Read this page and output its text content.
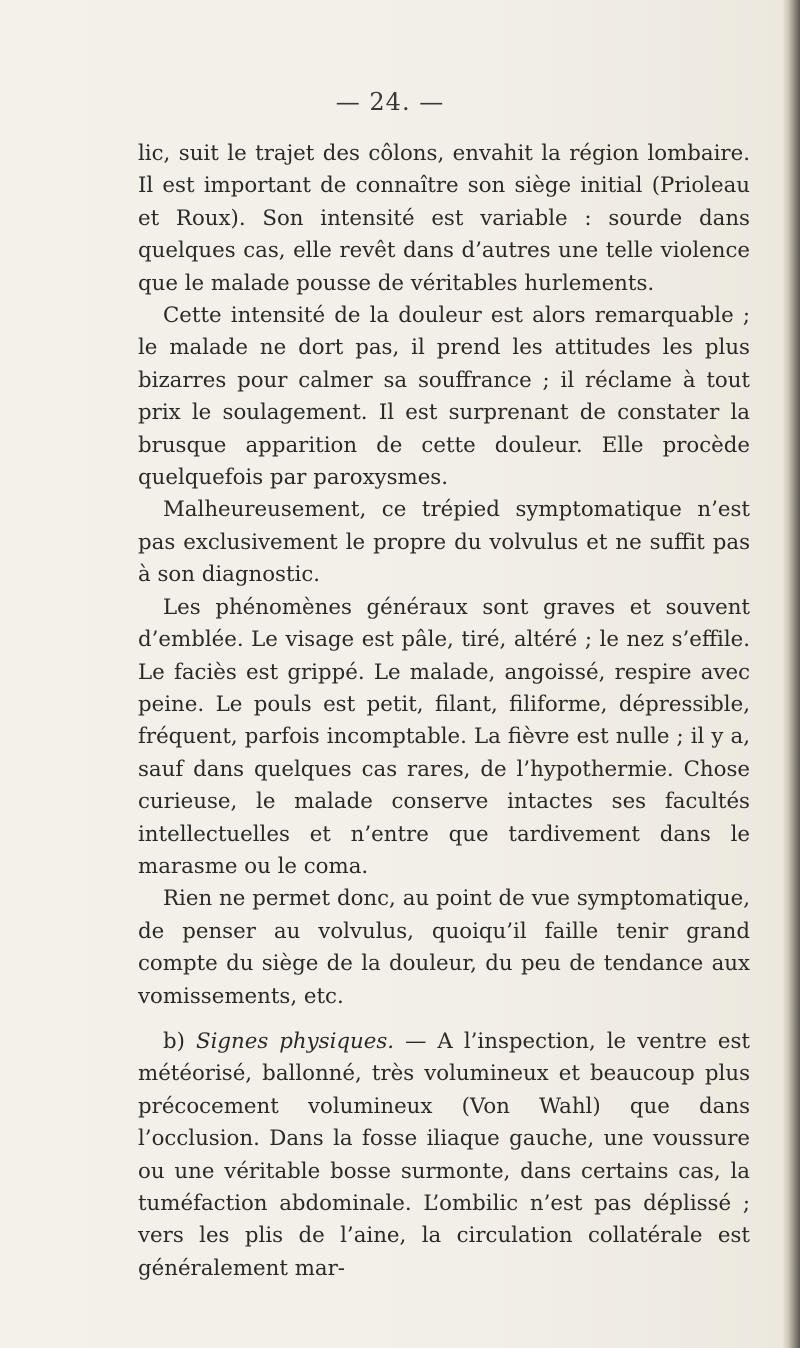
— 24. —

lic, suit le trajet des côlons, envahit la région lombaire. Il est important de connaître son siège initial (Prioleau et Roux). Son intensité est variable : sourde dans quelques cas, elle revêt dans d’autres une telle violence que le malade pousse de véritables hurlements.

Cette intensité de la douleur est alors remarquable ; le malade ne dort pas, il prend les attitudes les plus bizarres pour calmer sa souffrance ; il réclame à tout prix le soulagement. Il est surprenant de constater la brusque apparition de cette douleur. Elle procède quelquefois par paroxysmes.

Malheureusement, ce trépied symptomatique n’est pas exclusivement le propre du volvulus et ne suffit pas à son diagnostic.

Les phénomènes généraux sont graves et souvent d’emblée. Le visage est pâle, tiré, altéré ; le nez s’effile. Le faciès est grippé. Le malade, angoissé, respire avec peine. Le pouls est petit, filant, filiforme, dépressible, fréquent, parfois incomptable. La fièvre est nulle ; il y a, sauf dans quelques cas rares, de l’hypothermie. Chose curieuse, le malade conserve intactes ses facultés intellectuelles et n’entre que tardivement dans le marasme ou le coma.

Rien ne permet donc, au point de vue symptomatique, de penser au volvulus, quoiqu’il faille tenir grand compte du siège de la douleur, du peu de tendance aux vomissements, etc.

b) Signes physiques. — A l’inspection, le ventre est météorisé, ballonné, très volumineux et beaucoup plus précocement volumineux (Von Wahl) que dans l’occlusion. Dans la fosse iliaque gauche, une voussure ou une véritable bosse surmonte, dans certains cas, la tuméfaction abdominale. L’ombilic n’est pas déplissé ; vers les plis de l’aine, la circulation collatérale est généralement mar-
